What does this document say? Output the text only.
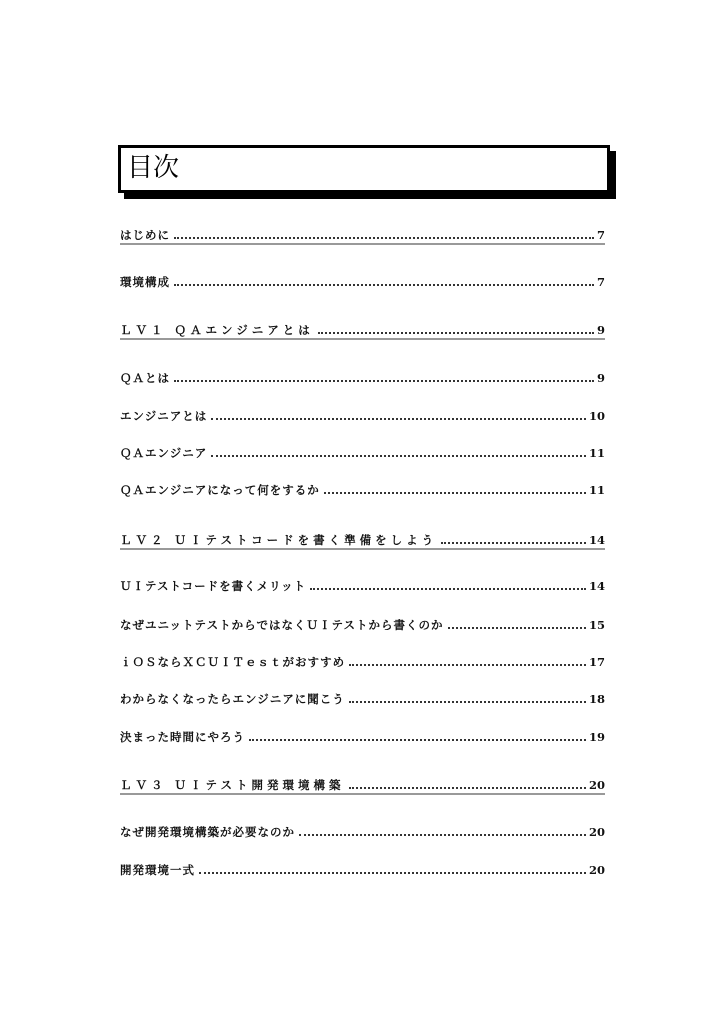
目次
はじめに	7
環境構成	7
ＬＶ１ ＱＡエンジニアとは	9
ＱＡとは	9
エンジニアとは	10
ＱＡエンジニア	11
ＱＡエンジニアになって何をするか	11
ＬＶ２ ＵＩテストコードを書く準備をしよう	14
ＵＩテストコードを書くメリット	14
なぜユニットテストからではなくＵＩテストから書くのか	15
ｉＯＳならＸＣＵＩＴｅｓｔがおすすめ	17
わからなくなったらエンジニアに聞こう	18
決まった時間にやろう	19
ＬＶ３ ＵＩテスト開発環境構築	20
なぜ開発環境構築が必要なのか	20
開発環境一式	20
